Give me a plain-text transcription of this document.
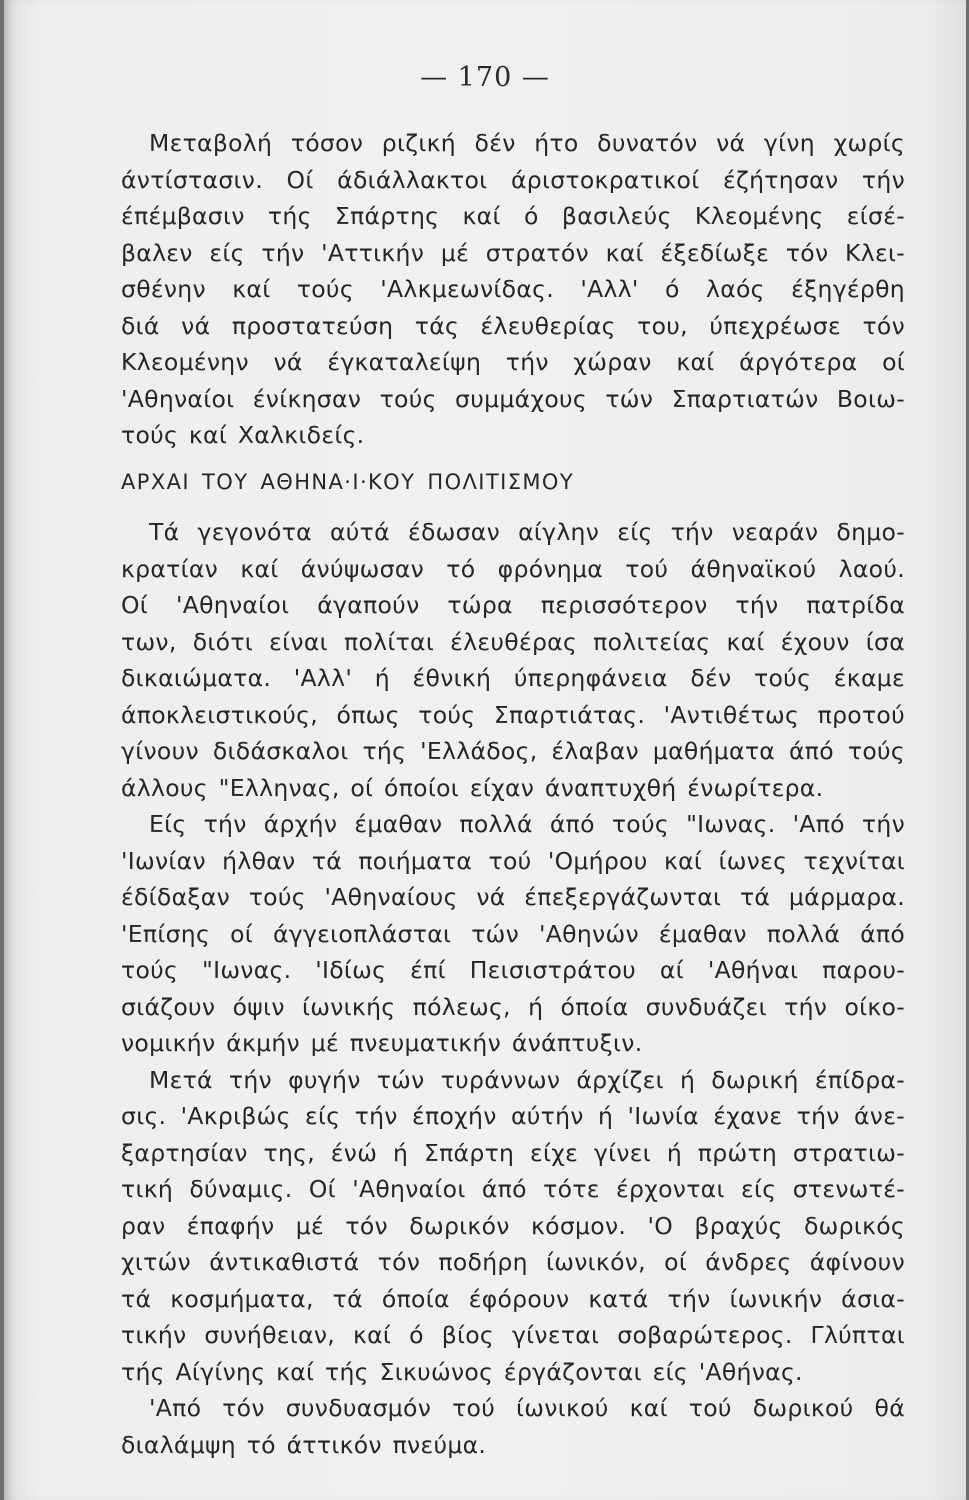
— 170 —
Μεταβολή τόσον ριζική δέν ήτο δυνατόν νά γίνη χωρίς
άντίστασιν. Οί άδιάλλακτοι άριστοκρατικοί έζήτησαν τήν
έπέμβασιν τής Σπάρτης καί ό βασιλεύς Κλεομένης είσέ-
βαλεν είς τήν 'Αττικήν μέ στρατόν καί έξεδίωξε τόν Κλει-
σθένην καί τούς 'Αλκμεωνίδας. 'Αλλ' ό λαός έξηγέρθη
διά νά προστατεύση τάς έλευθερίας του, ύπεχρέωσε τόν
Κλεομένην νά έγκαταλείψη τήν χώραν καί άργότερα οί
'Αθηναίοι ένίκησαν τούς συμμάχους τών Σπαρτιατών Βοιω-
τούς καί Χαλκιδείς.
ΑΡΧΑΙ ΤΟΥ ΑΘΗΝΑ·Ι·ΚΟΥ ΠΟΛΙΤΙΣΜΟΥ
Τά γεγονότα αύτά έδωσαν αίγλην είς τήν νεαράν δημο-
κρατίαν καί άνύψωσαν τό φρόνημα τού άθηναϊκού λαού.
Οί 'Αθηναίοι άγαπούν τώρα περισσότερον τήν πατρίδα
των, διότι είναι πολίται έλευθέρας πολιτείας καί έχουν ίσα
δικαιώματα. 'Αλλ' ή έθνική ύπερηφάνεια δέν τούς έκαμε
άποκλειστικούς, όπως τούς Σπαρτιάτας. 'Αντιθέτως προτού
γίνουν διδάσκαλοι τής 'Ελλάδος, έλαβαν μαθήματα άπό τούς
άλλους "Ελληνας, οί όποίοι είχαν άναπτυχθή ένωρίτερα.
Είς τήν άρχήν έμαθαν πολλά άπό τούς "Ιωνας. 'Από τήν
'Ιωνίαν ήλθαν τά ποιήματα τού 'Ομήρου καί ίωνες τεχνίται
έδίδαξαν τούς 'Αθηναίους νά έπεξεργάζωνται τά μάρμαρα.
'Επίσης οί άγγειοπλάσται τών 'Αθηνών έμαθαν πολλά άπό
τούς "Ιωνας. 'Ιδίως έπί Πεισιστράτου αί 'Αθήναι παρου-
σιάζουν όψιν ίωνικής πόλεως, ή όποία συνδυάζει τήν οίκο-
νομικήν άκμήν μέ πνευματικήν άνάπτυξιν.
Μετά τήν φυγήν τών τυράννων άρχίζει ή δωρική έπίδρα-
σις. 'Ακριβώς είς τήν έποχήν αύτήν ή 'Ιωνία έχανε τήν άνε-
ξαρτησίαν της, ένώ ή Σπάρτη είχε γίνει ή πρώτη στρατιω-
τική δύναμις. Οί 'Αθηναίοι άπό τότε έρχονται είς στενωτέ-
ραν έπαφήν μέ τόν δωρικόν κόσμον. 'Ο βραχύς δωρικός
χιτών άντικαθιστά τόν ποδήρη ίωνικόν, οί άνδρες άφίνουν
τά κοσμήματα, τά όποία έφόρουν κατά τήν ίωνικήν άσια-
τικήν συνήθειαν, καί ό βίος γίνεται σοβαρώτερος. Γλύπται
τής Αίγίνης καί τής Σικυώνος έργάζονται είς 'Αθήνας.
'Από τόν συνδυασμόν τού ίωνικού καί τού δωρικού θά
διαλάμψη τό άττικόν πνεύμα.
